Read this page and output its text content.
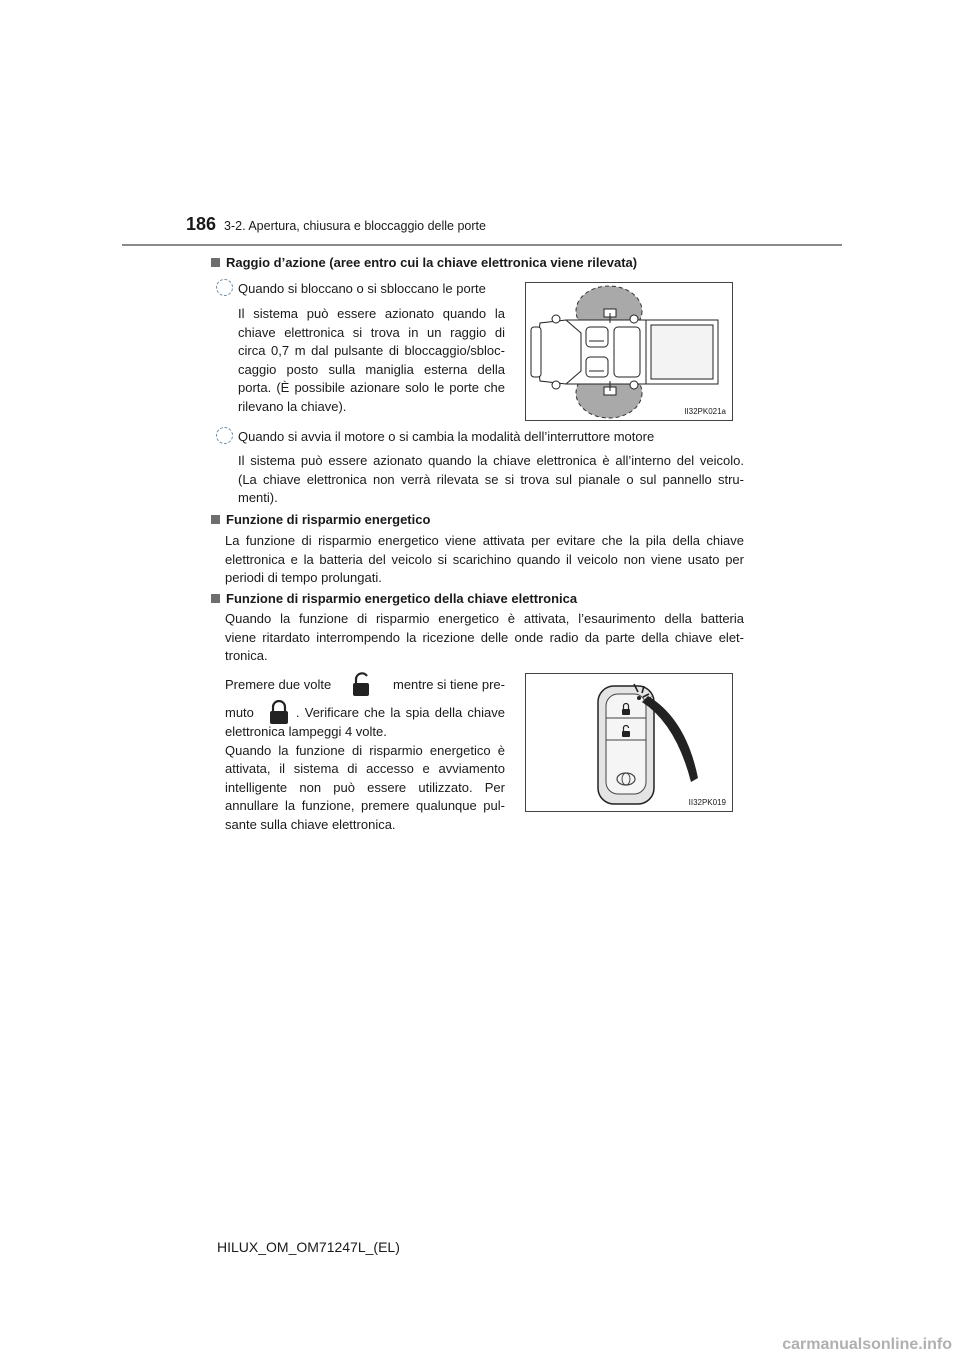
186 3-2. Apertura, chiusura e bloccaggio delle porte
Raggio d’azione (aree entro cui la chiave elettronica viene rilevata)
Quando si bloccano o si sbloccano le porte
Il sistema può essere azionato quando la
chiave elettronica si trova in un raggio di
circa 0,7 m dal pulsante di bloccaggio/sbloc-
caggio posto sulla maniglia esterna della
porta. (È possibile azionare solo le porte che
rilevano la chiave).	II32PK021a
Quando si avvia il motore o si cambia la modalità dell’interruttore motore
Il sistema può essere azionato quando la chiave elettronica è all’interno del veicolo.
(La chiave elettronica non verrà rilevata se si trova sul pianale o sul pannello stru-
menti).
Funzione di risparmio energetico
La funzione di risparmio energetico viene attivata per evitare che la pila della chiave
elettronica e la batteria del veicolo si scarichino quando il veicolo non viene usato per
periodi di tempo prolungati.
Funzione di risparmio energetico della chiave elettronica
Quando la funzione di risparmio energetico è attivata, l’esaurimento della batteria
viene ritardato interrompendo la ricezione delle onde radio da parte della chiave elet-
tronica.
Premere due volte	mentre si tiene pre-
muto	. Verificare che la spia della chiave
elettronica lampeggi 4 volte.
Quando la funzione di risparmio energetico è
attivata, il sistema di accesso e avviamento
intelligente non può essere utilizzato. Per
annullare la funzione, premere qualunque pul-
sante sulla chiave elettronica.
II32PK019
HILUX_OM_OM71247L_(EL)
carmanualsonline.info
